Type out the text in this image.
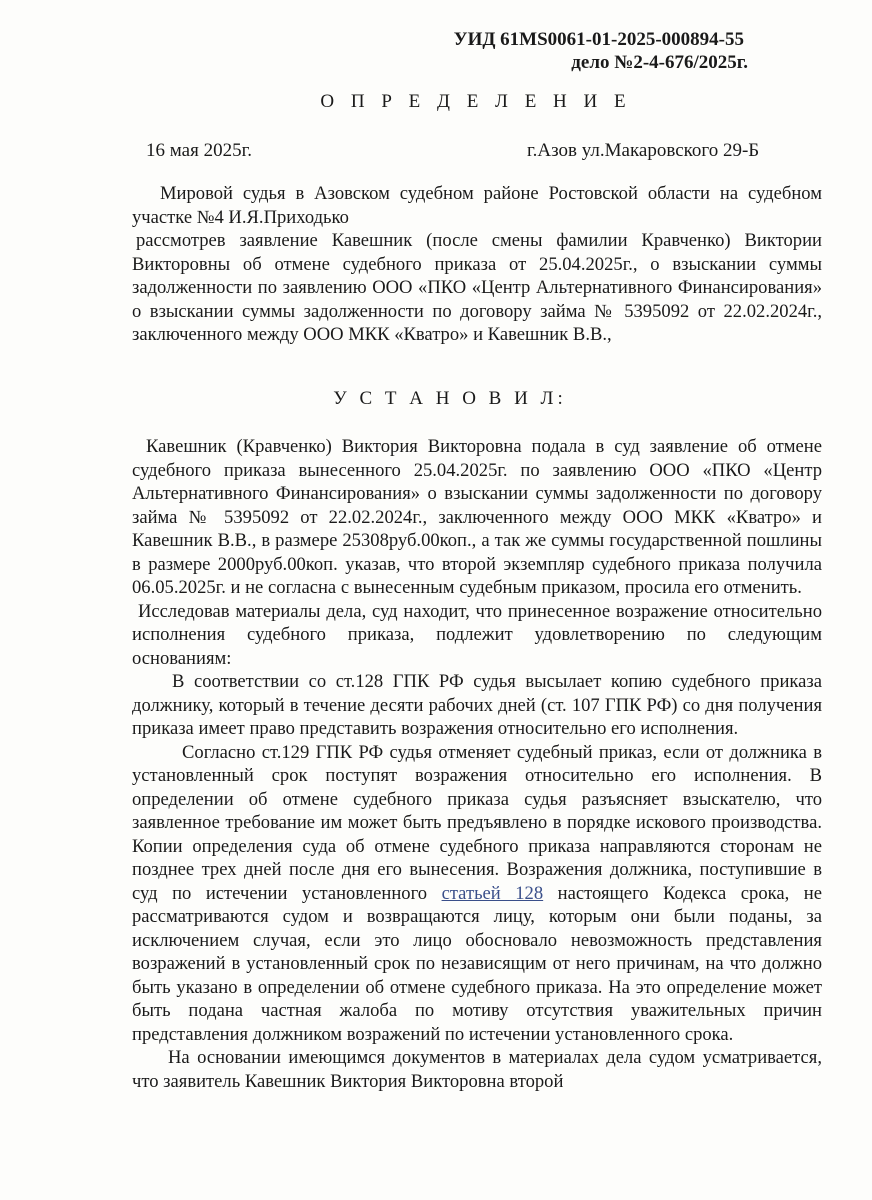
УИД 61MS0061-01-2025-000894-55
дело №2-4-676/2025г.
О П Р Е Д Е Л Е Н И Е
16 мая 2025г.	г.Азов ул.Макаровского 29-Б

Мировой судья в Азовском судебном районе Ростовской области на судебном участке №4 И.Я.Приходько

рассмотрев заявление Кавешник (после смены фамилии Кравченко) Виктории Викторовны об отмене судебного приказа от 25.04.2025г., о взыскании суммы задолженности по заявлению ООО «ПКО «Центр Альтернативного Финансирования» о взыскании суммы задолженности по договору займа № 5395092 от 22.02.2024г., заключенного между ООО МКК «Кватро» и Кавешник В.В.,

У С Т А Н О В И Л:

Кавешник (Кравченко) Виктория Викторовна подала в суд заявление об отмене судебного приказа вынесенного 25.04.2025г. по заявлению ООО «ПКО «Центр Альтернативного Финансирования» о взыскании суммы задолженности по договору займа № 5395092 от 22.02.2024г., заключенного между ООО МКК «Кватро» и Кавешник В.В., в размере 25308руб.00коп., а так же суммы государственной пошлины в размере 2000руб.00коп. указав, что второй экземпляр судебного приказа получила 06.05.2025г. и не согласна с вынесенным судебным приказом, просила его отменить.

Исследовав материалы дела, суд находит, что принесенное возражение относительно исполнения судебного приказа, подлежит удовлетворению по следующим основаниям:

В соответствии со ст.128 ГПК РФ судья высылает копию судебного приказа должнику, который в течение десяти рабочих дней (ст. 107 ГПК РФ) со дня получения приказа имеет право представить возражения относительно его исполнения.

Согласно ст.129 ГПК РФ судья отменяет судебный приказ, если от должника в установленный срок поступят возражения относительно его исполнения. В определении об отмене судебного приказа судья разъясняет взыскателю, что заявленное требование им может быть предъявлено в порядке искового производства. Копии определения суда об отмене судебного приказа направляются сторонам не позднее трех дней после дня его вынесения. Возражения должника, поступившие в суд по истечении установленного статьей 128 настоящего Кодекса срока, не рассматриваются судом и возвращаются лицу, которым они были поданы, за исключением случая, если это лицо обосновало невозможность представления возражений в установленный срок по независящим от него причинам, на что должно быть указано в определении об отмене судебного приказа. На это определение может быть подана частная жалоба по мотиву отсутствия уважительных причин представления должником возражений по истечении установленного срока.

На основании имеющимся документов в материалах дела судом усматривается, что заявитель Кавешник Виктория Викторовна второй
